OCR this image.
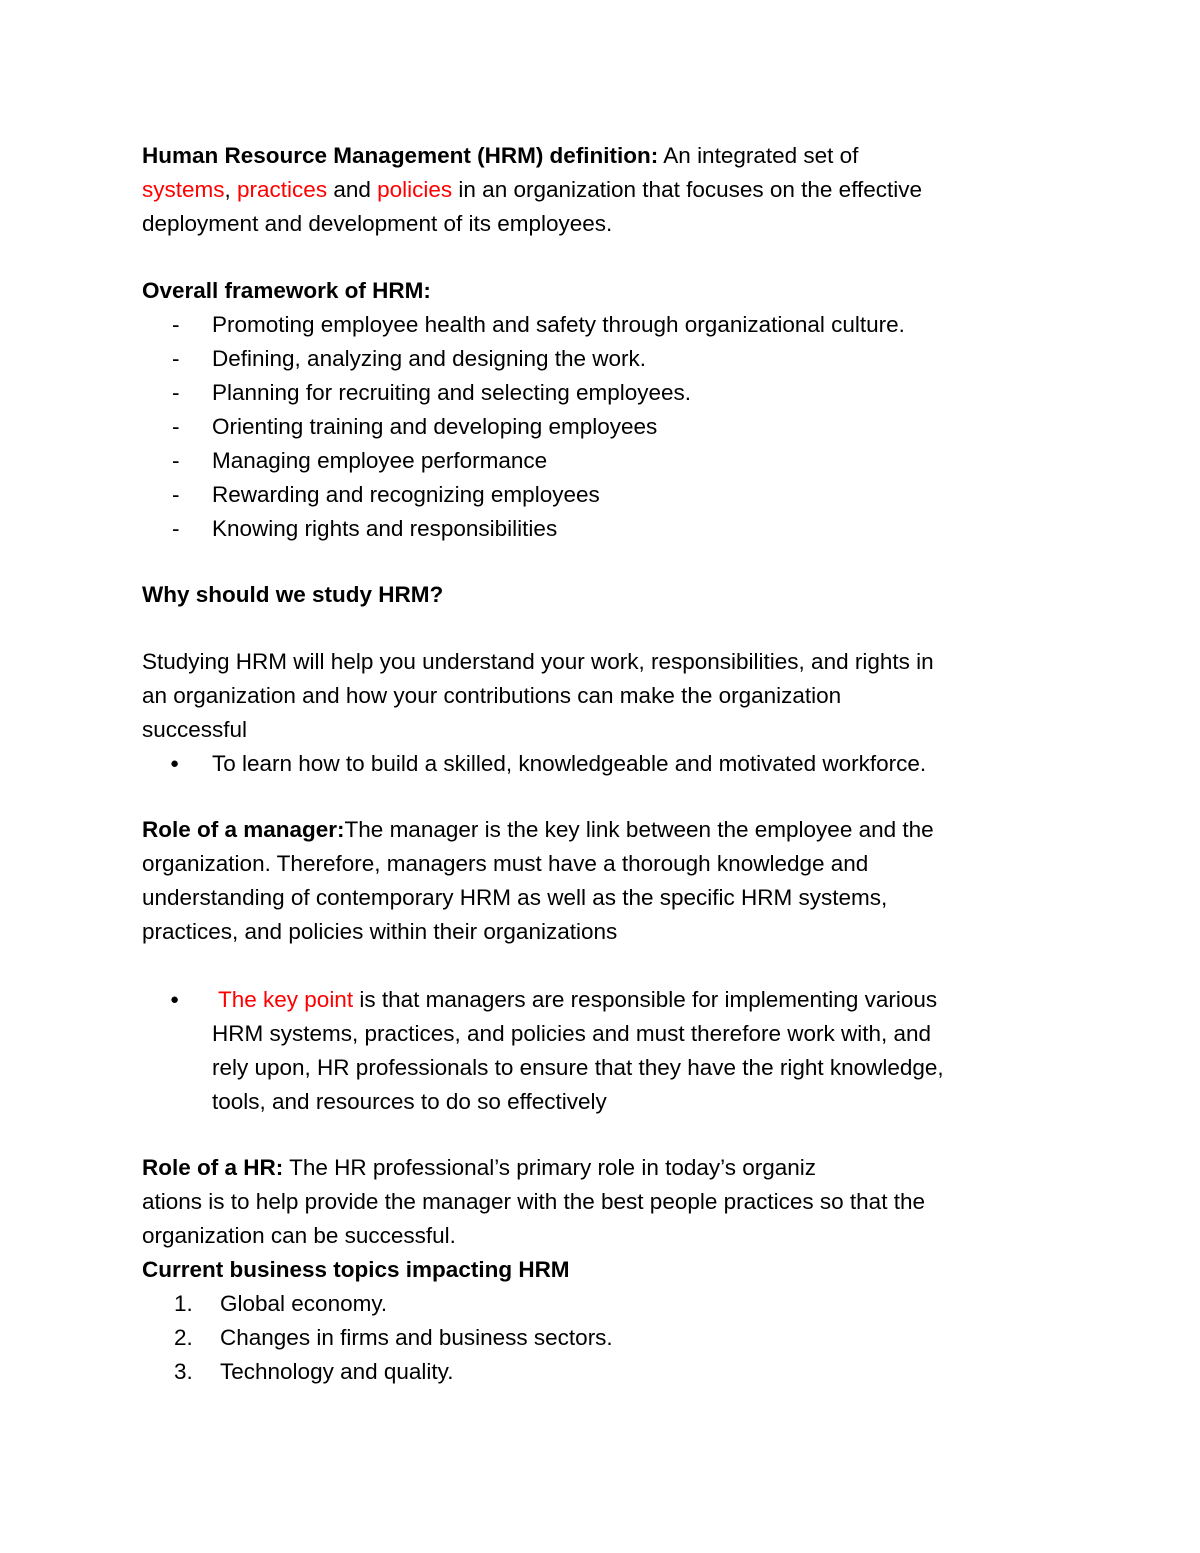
Human Resource Management (HRM) definition: An integrated set of
systems, practices and policies in an organization that focuses on the effective
deployment and development of its employees.
Overall framework of HRM:
- Promoting employee health and safety through organizational culture.
- Defining, analyzing and designing the work.
- Planning for recruiting and selecting employees.
- Orienting training and developing employees
- Managing employee performance
- Rewarding and recognizing employees
- Knowing rights and responsibilities
Why should we study HRM?
Studying HRM will help you understand your work, responsibilities, and rights in
an organization and how your contributions can make the organization
successful
● To learn how to build a skilled, knowledgeable and motivated workforce.
Role of a manager:The manager is the key link between the employee and the
organization. Therefore, managers must have a thorough knowledge and
understanding of contemporary HRM as well as the specific HRM systems,
practices, and policies within their organizations
● The key point is that managers are responsible for implementing various
HRM systems, practices, and policies and must therefore work with, and
rely upon, HR professionals to ensure that they have the right knowledge,
tools, and resources to do so effectively
Role of a HR: The HR professional’s primary role in today’s organiz
ations is to help provide the manager with the best people practices so that the
organization can be successful.
Current business topics impacting HRM
1. Global economy.
2. Changes in firms and business sectors.
3. Technology and quality.
